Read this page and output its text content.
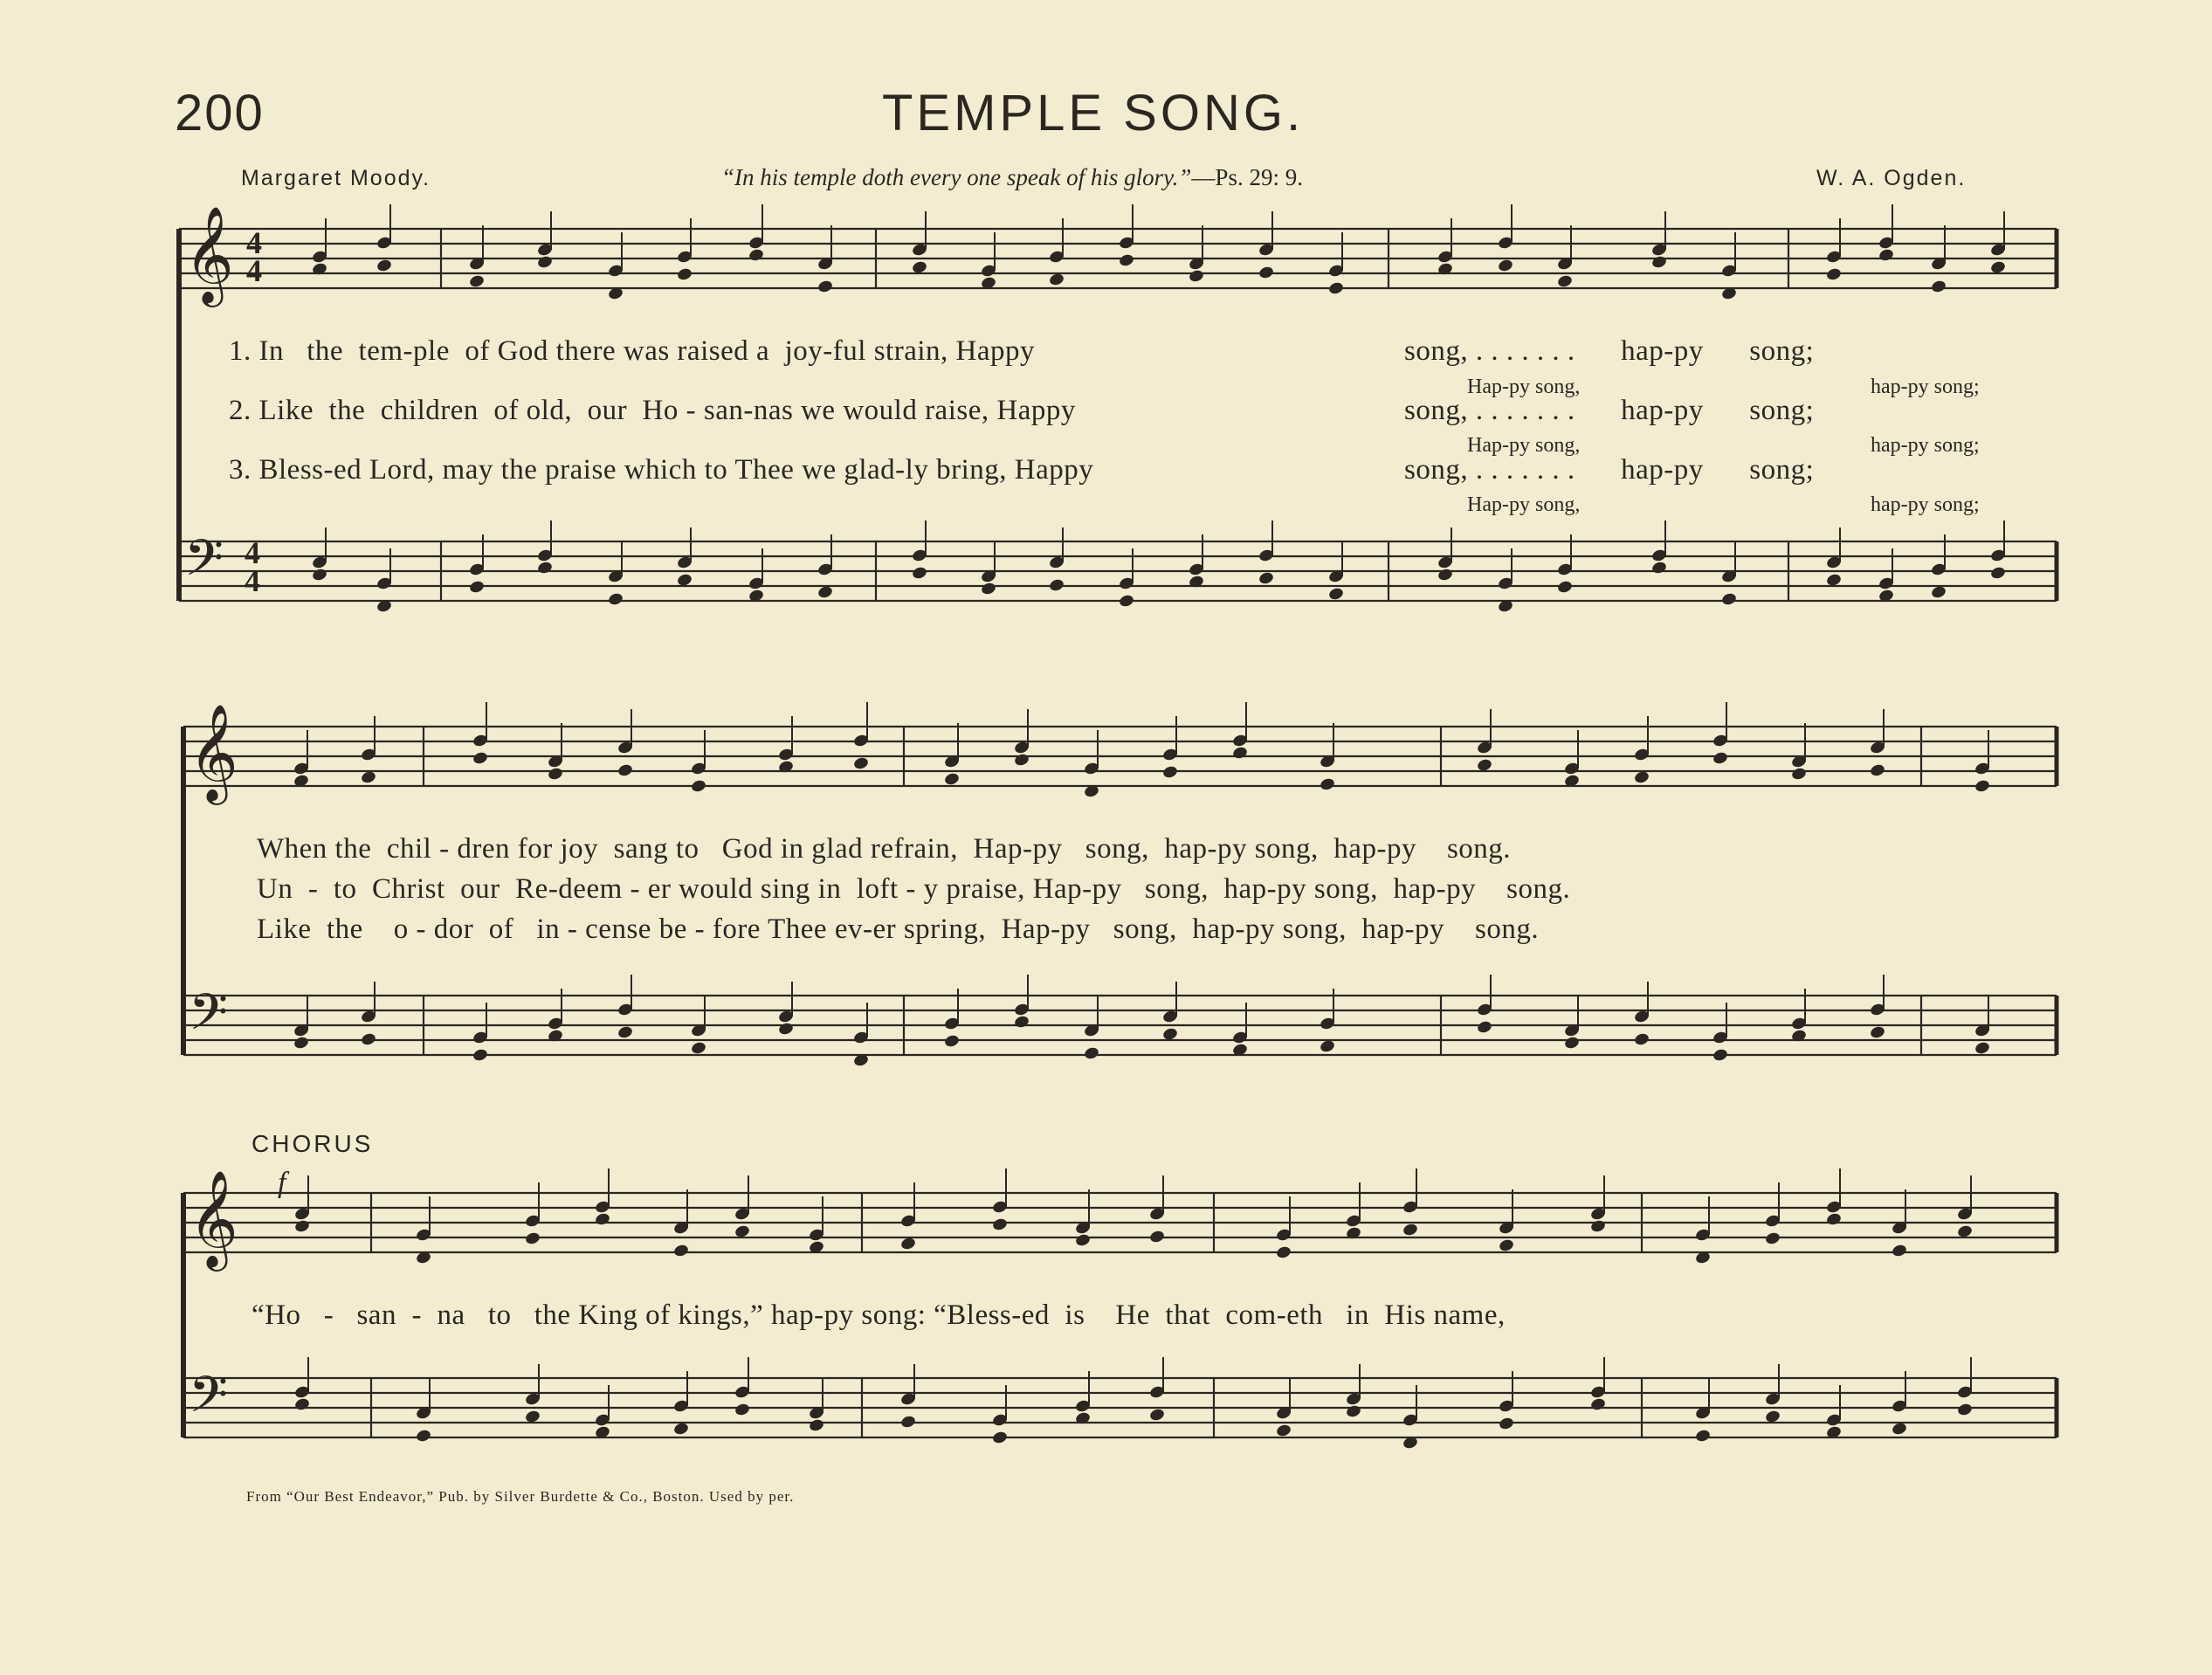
200	TEMPLE SONG.
Margaret Moody.	“In his temple doth every one speak of his glory.”—Ps. 29: 9.	W. A. Ogden.
𝄞
𝄢
4
4
4
4
𝄞
𝄢
𝄞
𝄢
1. In   the  tem-ple  of God there was raised a  joy-ful strain, Happy	song, . . . . . . .      hap-py      song;
Hap-py song,	hap-py song;
2. Like  the  children  of old,  our  Ho - san-nas we would raise, Happy	song, . . . . . . .      hap-py      song;
Hap-py song,	hap-py song;
3. Bless-ed Lord, may the praise which to Thee we glad-ly bring, Happy	song, . . . . . . .      hap-py      song;
Hap-py song,	hap-py song;
When the  chil - dren for joy  sang to   God in glad refrain,  Hap-py   song,  hap-py song,  hap-py    song.
Un  -  to  Christ  our  Re-deem - er would sing in  loft - y praise, Hap-py   song,  hap-py song,  hap-py    song.
Like  the    o - dor  of   in - cense be - fore Thee ev-er spring,  Hap-py   song,  hap-py song,  hap-py    song.
CHORUS
f
“Ho   -   san  -  na   to   the King of kings,” hap-py song: “Bless-ed  is    He  that  com-eth   in  His name,
From “Our Best Endeavor,” Pub. by Silver Burdette & Co., Boston. Used by per.
